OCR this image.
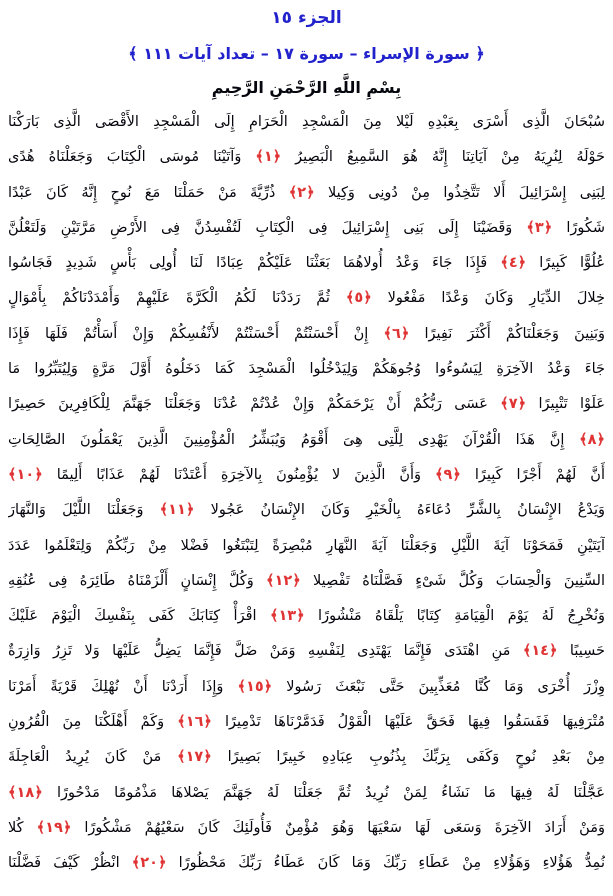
الجزء ١٥
﴿ سورة الإسراء – سورة ١٧ – تعداد آيات ١١١ ﴾
بِسْمِ اللَّهِ الرَّحْمَنِ الرَّحِيمِ
سُبْحَانَ الَّذِى أَسْرَى بِعَبْدِهِ لَيْلا مِنَ الْمَسْجِدِ الْحَرَامِ إِلَى الْمَسْجِدِ الأَقْصَى الَّذِى بَارَكْنَا
حَوْلَهُ لِنُرِيَهُ مِنْ آيَاتِنَا إِنَّهُ هُوَ السَّمِيعُ الْبَصِيرُ ﴿١﴾ وَآتَيْنَا مُوسَى الْكِتَابَ وَجَعَلْنَاهُ هُدًى
لِبَنِى إِسْرَائِيلَ أَلا تَتَّخِذُوا مِنْ دُونِى وَكِيلا ﴿٢﴾ ذُرِّيَّةَ مَنْ حَمَلْنَا مَعَ نُوحٍ إِنَّهُ كَانَ عَبْدًا
شَكُورًا ﴿٣﴾ وَقَضَيْنَا إِلَى بَنِى إِسْرَائِيلَ فِى الْكِتَابِ لَتُفْسِدُنَّ فِى الأَرْضِ مَرَّتَيْنِ وَلَتَعْلُنَّ
عُلُوًّا كَبِيرًا ﴿٤﴾ فَإِذَا جَاءَ وَعْدُ أُولاهُمَا بَعَثْنَا عَلَيْكُمْ عِبَادًا لَنَا أُولِى بَأْسٍ شَدِيدٍ فَجَاسُوا
خِلالَ الدِّيَارِ وَكَانَ وَعْدًا مَفْعُولا ﴿٥﴾ ثُمَّ رَدَدْنَا لَكُمُ الْكَرَّةَ عَلَيْهِمْ وَأَمْدَدْنَاكُمْ بِأَمْوَالٍ
وَبَنِينَ وَجَعَلْنَاكُمْ أَكْثَرَ نَفِيرًا ﴿٦﴾ إِنْ أَحْسَنْتُمْ أَحْسَنْتُمْ لأَنْفُسِكُمْ وَإِنْ أَسَأْتُمْ فَلَهَا فَإِذَا
جَاءَ وَعْدُ الآخِرَةِ لِيَسُوءُوا وُجُوهَكُمْ وَلِيَدْخُلُوا الْمَسْجِدَ كَمَا دَخَلُوهُ أَوَّلَ مَرَّةٍ وَلِيُتَبِّرُوا مَا
عَلَوْا تَتْبِيرًا ﴿٧﴾ عَسَى رَبُّكُمْ أَنْ يَرْحَمَكُمْ وَإِنْ عُدْتُمْ عُدْنَا وَجَعَلْنَا جَهَنَّمَ لِلْكَافِرِينَ حَصِيرًا
﴿٨﴾ إِنَّ هَذَا الْقُرْآنَ يَهْدِى لِلَّتِى هِىَ أَقْوَمُ وَيُبَشِّرُ الْمُؤْمِنِينَ الَّذِينَ يَعْمَلُونَ الصَّالِحَاتِ
أَنَّ لَهُمْ أَجْرًا كَبِيرًا ﴿٩﴾ وَأَنَّ الَّذِينَ لا يُؤْمِنُونَ بِالآخِرَةِ أَعْتَدْنَا لَهُمْ عَذَابًا أَلِيمًا ﴿١٠﴾
وَيَدْعُ الإِنْسَانُ بِالشَّرِّ دُعَاءَهُ بِالْخَيْرِ وَكَانَ الإِنْسَانُ عَجُولا ﴿١١﴾ وَجَعَلْنَا اللَّيْلَ وَالنَّهَارَ
آيَتَيْنِ فَمَحَوْنَا آيَةَ اللَّيْلِ وَجَعَلْنَا آيَةَ النَّهَارِ مُبْصِرَةً لِتَبْتَغُوا فَضْلا مِنْ رَبِّكُمْ وَلِتَعْلَمُوا عَدَدَ
السِّنِينَ وَالْحِسَابَ وَكُلَّ شَىْءٍ فَصَّلْنَاهُ تَفْصِيلا ﴿١٢﴾ وَكُلَّ إِنْسَانٍ أَلْزَمْنَاهُ طَائِرَهُ فِى عُنُقِهِ
وَنُخْرِجُ لَهُ يَوْمَ الْقِيَامَةِ كِتَابًا يَلْقَاهُ مَنْشُورًا ﴿١٣﴾ اقْرَأْ كِتَابَكَ كَفَى بِنَفْسِكَ الْيَوْمَ عَلَيْكَ
حَسِيبًا ﴿١٤﴾ مَنِ اهْتَدَى فَإِنَّمَا يَهْتَدِى لِنَفْسِهِ وَمَنْ ضَلَّ فَإِنَّمَا يَضِلُّ عَلَيْهَا وَلا تَزِرُ وَازِرَةٌ
وِزْرَ أُخْرَى وَمَا كُنَّا مُعَذِّبِينَ حَتَّى نَبْعَثَ رَسُولا ﴿١٥﴾ وَإِذَا أَرَدْنَا أَنْ نُهْلِكَ قَرْيَةً أَمَرْنَا
مُتْرَفِيهَا فَفَسَقُوا فِيهَا فَحَقَّ عَلَيْهَا الْقَوْلُ فَدَمَّرْنَاهَا تَدْمِيرًا ﴿١٦﴾ وَكَمْ أَهْلَكْنَا مِنَ الْقُرُونِ
مِنْ بَعْدِ نُوحٍ وَكَفَى بِرَبِّكَ بِذُنُوبِ عِبَادِهِ خَبِيرًا بَصِيرًا ﴿١٧﴾ مَنْ كَانَ يُرِيدُ الْعَاجِلَةَ
عَجَّلْنَا لَهُ فِيهَا مَا نَشَاءُ لِمَنْ نُرِيدُ ثُمَّ جَعَلْنَا لَهُ جَهَنَّمَ يَصْلاهَا مَذْمُومًا مَدْحُورًا ﴿١٨﴾
وَمَنْ أَرَادَ الآخِرَةَ وَسَعَى لَهَا سَعْيَهَا وَهُوَ مُؤْمِنٌ فَأُولَئِكَ كَانَ سَعْيُهُمْ مَشْكُورًا ﴿١٩﴾ كُلا
نُمِدُّ هَؤُلاءِ وَهَؤُلاءِ مِنْ عَطَاءِ رَبِّكَ وَمَا كَانَ عَطَاءُ رَبِّكَ مَحْظُورًا ﴿٢٠﴾ انْظُرْ كَيْفَ فَضَّلْنَا
